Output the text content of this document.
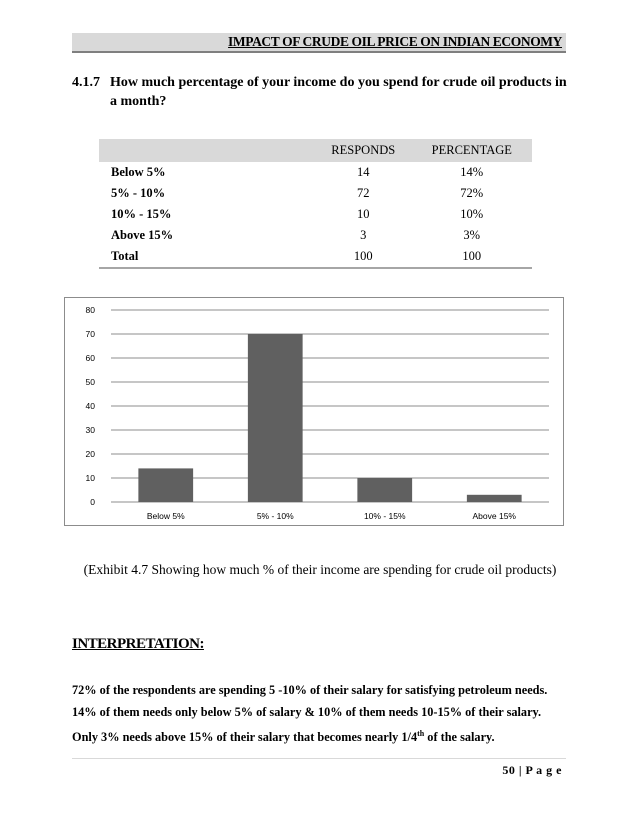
IMPACT OF CRUDE OIL PRICE ON INDIAN ECONOMY
4.1.7 How much percentage of your income do you spend for crude oil products in a month?
	RESPONDS	PERCENTAGE
Below 5%	14	14%
5% - 10%	72	72%
10% - 15%	10	10%
Above 15%	3	3%
Total	100	100
0
10
20
30
40
50
60
70
80
Below 5%	5% - 10%	10% - 15%	Above 15%
(Exhibit 4.7 Showing how much % of their income are spending for crude oil products)
INTERPRETATION:

72% of the respondents are spending 5 -10% of their salary for satisfying petroleum needs.

14% of them needs only below 5% of salary & 10% of them needs 10-15% of their salary.

Only 3% needs above 15% of their salary that becomes nearly 1/4th of the salary.

50 | P a g e
